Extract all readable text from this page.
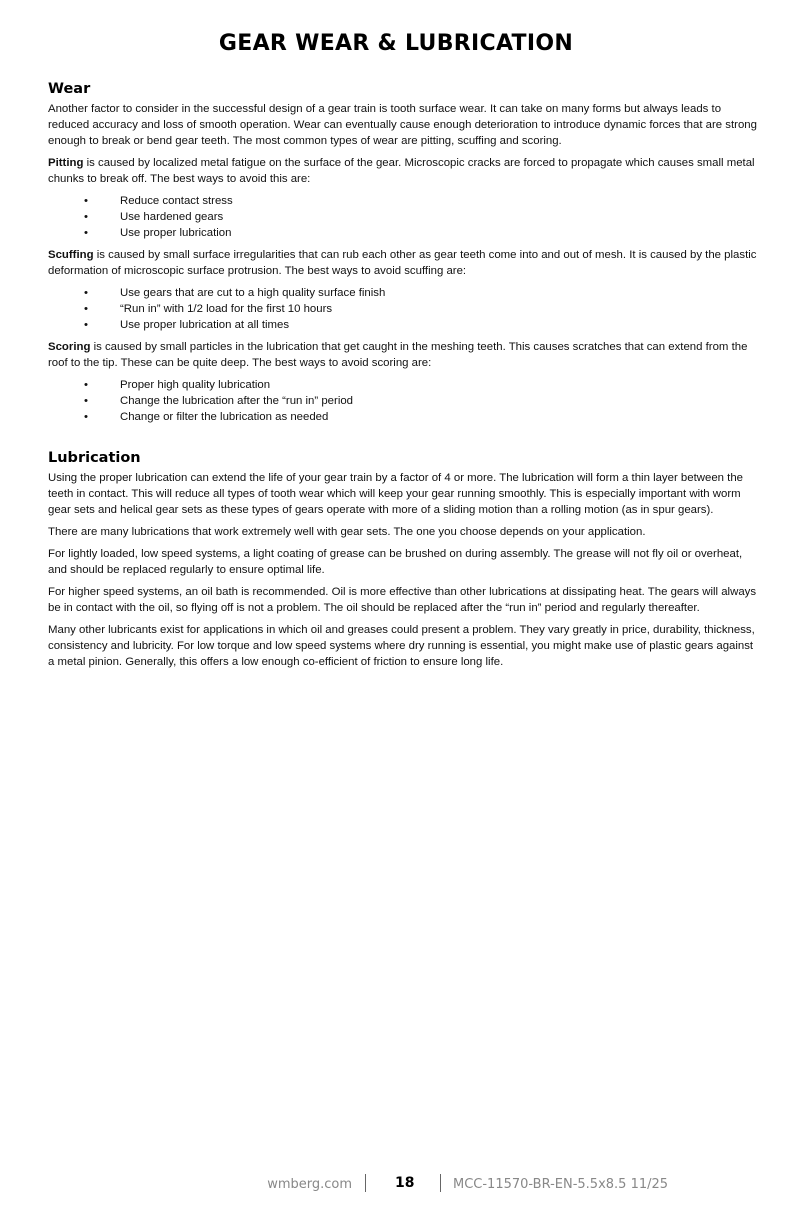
GEAR WEAR & LUBRICATION
Wear

Another factor to consider in the successful design of a gear train is tooth surface wear. It can take on many forms but always leads to reduced accuracy and loss of smooth operation. Wear can eventually cause enough deterioration to introduce dynamic forces that are strong enough to break or bend gear teeth. The most common types of wear are pitting, scuffing and scoring.

Pitting is caused by localized metal fatigue on the surface of the gear. Microscopic cracks are forced to propagate which causes small metal chunks to break off. The best ways to avoid this are:

•	Reduce contact stress
•	Use hardened gears
•	Use proper lubrication

Scuffing is caused by small surface irregularities that can rub each other as gear teeth come into and out of mesh. It is caused by the plastic deformation of microscopic surface protrusion. The best ways to avoid scuffing are:

•	Use gears that are cut to a high quality surface finish
•	“Run in” with 1/2 load for the first 10 hours
•	Use proper lubrication at all times

Scoring is caused by small particles in the lubrication that get caught in the meshing teeth. This causes scratches that can extend from the roof to the tip. These can be quite deep. The best ways to avoid scoring are:

•	Proper high quality lubrication
•	Change the lubrication after the “run in” period
•	Change or filter the lubrication as needed
Lubrication

Using the proper lubrication can extend the life of your gear train by a factor of 4 or more. The lubrication will form a thin layer between the teeth in contact. This will reduce all types of tooth wear which will keep your gear running smoothly. This is especially important with worm gear sets and helical gear sets as these types of gears operate with more of a sliding motion than a rolling motion (as in spur gears).

There are many lubrications that work extremely well with gear sets. The one you choose depends on your application.

For lightly loaded, low speed systems, a light coating of grease can be brushed on during assembly. The grease will not fly oil or overheat, and should be replaced regularly to ensure optimal life.

For higher speed systems, an oil bath is recommended. Oil is more effective than other lubrications at dissipating heat. The gears will always be in contact with the oil, so flying off is not a problem. The oil should be replaced after the “run in” period and regularly thereafter.

Many other lubricants exist for applications in which oil and greases could present a problem. They vary greatly in price, durability, thickness, consistency and lubricity. For low torque and low speed systems where dry running is essential, you might make use of plastic gears against a metal pinion. Generally, this offers a low enough co-efficient of friction to ensure long life.

wmberg.com	18	MCC-11570-BR-EN-5.5x8.5 11/25
